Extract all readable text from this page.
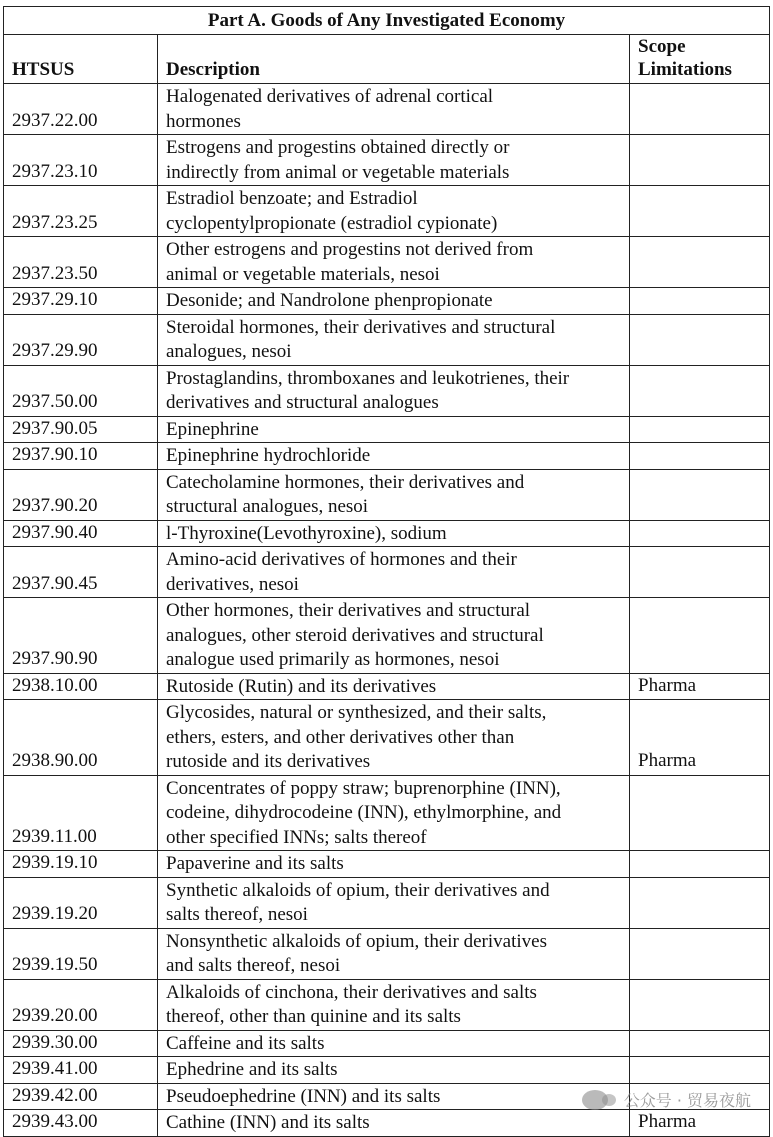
Part A. Goods of Any Investigated Economy		
HTSUS	Description	Scope
Limitations
2937.22.00	Halogenated derivatives of adrenal cortical
hormones	

2937.23.10	Estrogens and progestins obtained directly or
indirectly from animal or vegetable materials	

2937.23.25	Estradiol benzoate; and Estradiol
cyclopentylpropionate (estradiol cypionate)	

2937.23.50	Other estrogens and progestins not derived from
animal or vegetable materials, nesoi	

2937.29.10	Desonide; and Nandrolone phenpropionate	

2937.29.90	Steroidal hormones, their derivatives and structural
analogues, nesoi	

2937.50.00	Prostaglandins, thromboxanes and leukotrienes, their
derivatives and structural analogues	

2937.90.05	Epinephrine	

2937.90.10	Epinephrine hydrochloride	

2937.90.20	Catecholamine hormones, their derivatives and
structural analogues, nesoi	

2937.90.40	l-Thyroxine(Levothyroxine), sodium	

2937.90.45	Amino-acid derivatives of hormones and their
derivatives, nesoi	

2937.90.90	Other hormones, their derivatives and structural
analogues, other steroid derivatives and structural
analogue used primarily as hormones, nesoi	

2938.10.00	Rutoside (Rutin) and its derivatives	Pharma
2938.90.00	Glycosides, natural or synthesized, and their salts,
ethers, esters, and other derivatives other than
rutoside and its derivatives	Pharma
2939.11.00	Concentrates of poppy straw; buprenorphine (INN),
codeine, dihydrocodeine (INN), ethylmorphine, and
other specified INNs; salts thereof	

2939.19.10	Papaverine and its salts	

2939.19.20	Synthetic alkaloids of opium, their derivatives and
salts thereof, nesoi	

2939.19.50	Nonsynthetic alkaloids of opium, their derivatives
and salts thereof, nesoi	

2939.20.00	Alkaloids of cinchona, their derivatives and salts
thereof, other than quinine and its salts	

2939.30.00	Caffeine and its salts	

2939.41.00	Ephedrine and its salts	

2939.42.00	Pseudoephedrine (INN) and its salts	

2939.43.00	Cathine (INN) and its salts	Pharma
公众号 · 贸易夜航
